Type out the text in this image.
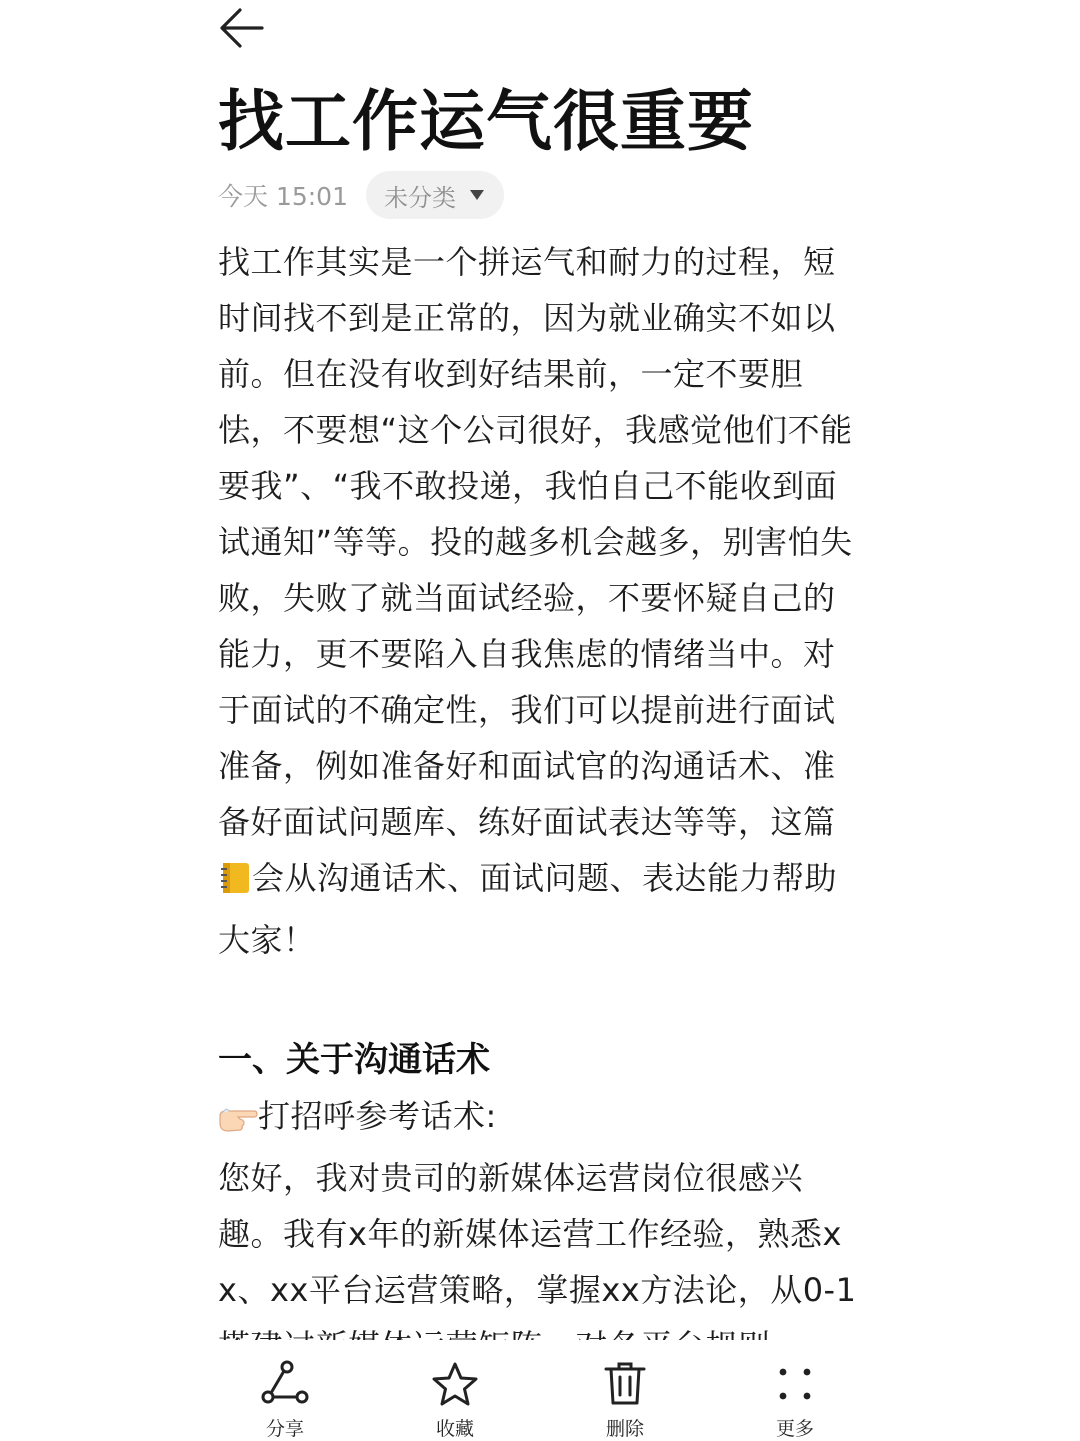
找工作运气很重要
今天 15:01 未分类

找工作其实是一个拼运气和耐力的过程，短时间找不到是正常的，因为就业确实不如以前。但在没有收到好结果前，一定不要胆怯，不要想“这个公司很好，我感觉他们不能要我”、“我不敢投递，我怕自己不能收到面试通知”等等。投的越多机会越多，别害怕失败，失败了就当面试经验，不要怀疑自己的能力，更不要陷入自我焦虑的情绪当中。对于面试的不确定性，我们可以提前进行面试准备，例如准备好和面试官的沟通话术、准备好面试问题库、练好面试表达等等，这篇会从沟通话术、面试问题、表达能力帮助大家！

一、关于沟通话术

打招呼参考话术:

您好，我对贵司的新媒体运营岗位很感兴趣。我有x年的新媒体运营工作经验，熟悉xx、xx平台运营策略，掌握xx方法论，从0-1

分享	收藏	删除	更多
